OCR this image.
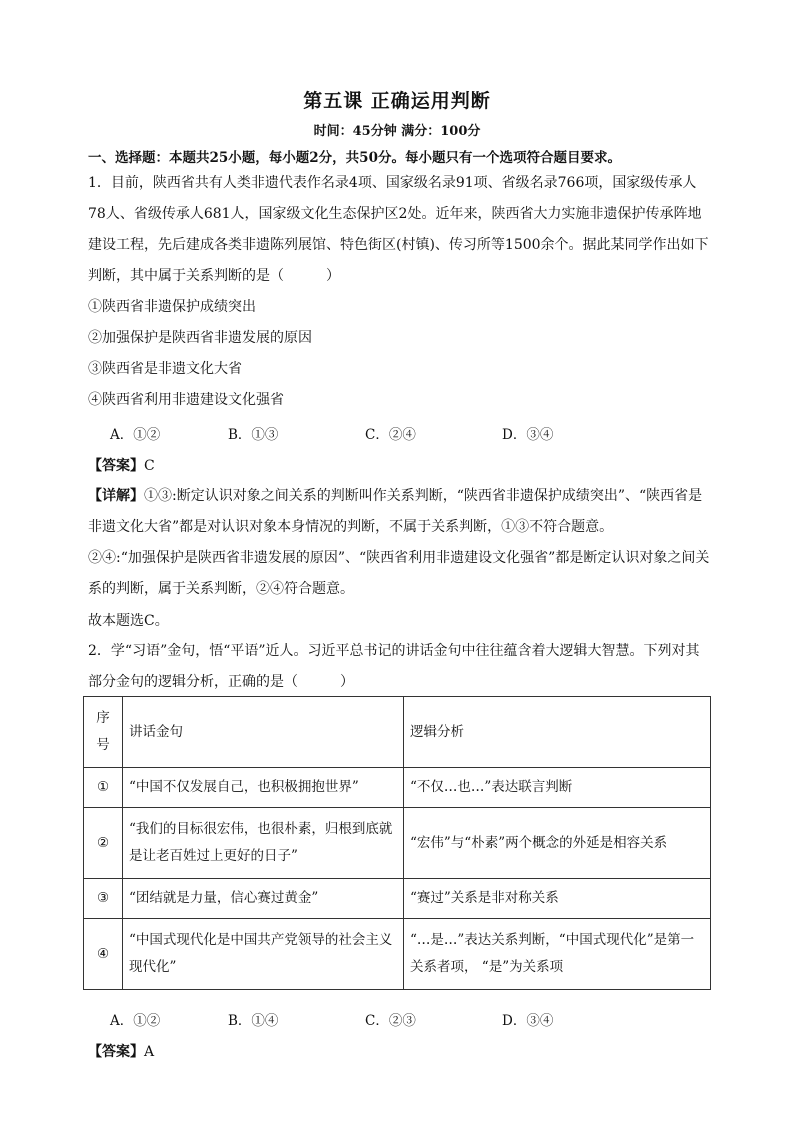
第五课 正确运用判断
时间：45分钟 满分：100分
一、选择题：本题共25小题，每小题2分，共50分。每小题只有一个选项符合题目要求。
1．目前，陕西省共有人类非遗代表作名录4项、国家级名录91项、省级名录766项，国家级传承人78人、省级传承人681人，国家级文化生态保护区2处。近年来，陕西省大力实施非遗保护传承阵地建设工程，先后建成各类非遗陈列展馆、特色街区(村镇)、传习所等1500余个。据此某同学作出如下判断，其中属于关系判断的是（　　　）
①陕西省非遗保护成绩突出
②加强保护是陕西省非遗发展的原因
③陕西省是非遗文化大省
④陕西省利用非遗建设文化强省
A．①②	B．①③	C．②④	D．③④
【答案】C
【详解】①③:断定认识对象之间关系的判断叫作关系判断，“陕西省非遗保护成绩突出”、“陕西省是非遗文化大省”都是对认识对象本身情况的判断，不属于关系判断，①③不符合题意。
②④:“加强保护是陕西省非遗发展的原因”、“陕西省利用非遗建设文化强省”都是断定认识对象之间关系的判断，属于关系判断，②④符合题意。
故本题选C。
2．学“习语”金句，悟“平语”近人。习近平总书记的讲话金句中往往蕴含着大逻辑大智慧。下列对其部分金句的逻辑分析，正确的是（　　　）
序号	讲话金句	逻辑分析
①	“中国不仅发展自己，也积极拥抱世界”	“不仅…也…”表达联言判断
②	“我们的目标很宏伟，也很朴素，归根到底就是让老百姓过上更好的日子”	“宏伟”与“朴素”两个概念的外延是相容关系
③	“团结就是力量，信心赛过黄金”	“赛过”关系是非对称关系
④	“中国式现代化是中国共产党领导的社会主义现代化”	“…是…”表达关系判断，“中国式现代化”是第一关系者项， “是”为关系项
A．①②	B．①④	C．②③	D．③④
【答案】A
